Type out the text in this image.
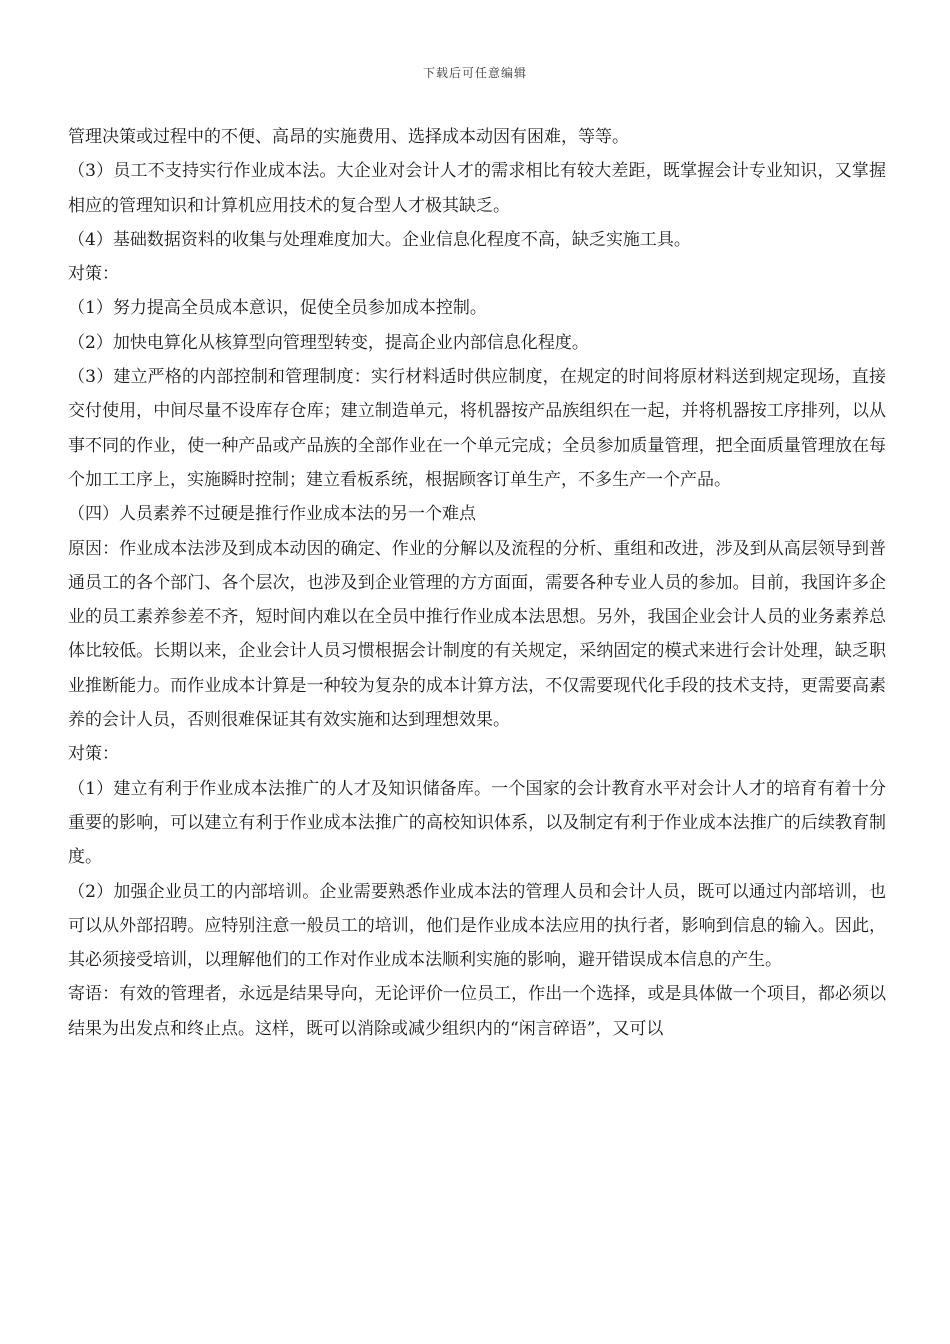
下载后可任意编辑

管理决策或过程中的不便、高昂的实施费用、选择成本动因有困难，等等。

（3）员工不支持实行作业成本法。大企业对会计人才的需求相比有较大差距，既掌握会计专业知识，又掌握相应的管理知识和计算机应用技术的复合型人才极其缺乏。

（4）基础数据资料的收集与处理难度加大。企业信息化程度不高，缺乏实施工具。

对策：

（1）努力提高全员成本意识，促使全员参加成本控制。

（2）加快电算化从核算型向管理型转变，提高企业内部信息化程度。

（3）建立严格的内部控制和管理制度：实行材料适时供应制度，在规定的时间将原材料送到规定现场，直接交付使用，中间尽量不设库存仓库；建立制造单元，将机器按产品族组织在一起，并将机器按工序排列，以从事不同的作业，使一种产品或产品族的全部作业在一个单元完成；全员参加质量管理，把全面质量管理放在每个加工工序上，实施瞬时控制；建立看板系统，根据顾客订单生产，不多生产一个产品。

（四）人员素养不过硬是推行作业成本法的另一个难点

原因：作业成本法涉及到成本动因的确定、作业的分解以及流程的分析、重组和改进，涉及到从高层领导到普通员工的各个部门、各个层次，也涉及到企业管理的方方面面，需要各种专业人员的参加。目前，我国许多企业的员工素养参差不齐，短时间内难以在全员中推行作业成本法思想。另外，我国企业会计人员的业务素养总体比较低。长期以来，企业会计人员习惯根据会计制度的有关规定，采纳固定的模式来进行会计处理，缺乏职业推断能力。而作业成本计算是一种较为复杂的成本计算方法，不仅需要现代化手段的技术支持，更需要高素养的会计人员，否则很难保证其有效实施和达到理想效果。

对策：

（1）建立有利于作业成本法推广的人才及知识储备库。一个国家的会计教育水平对会计人才的培育有着十分重要的影响，可以建立有利于作业成本法推广的高校知识体系，以及制定有利于作业成本法推广的后续教育制度。

（2）加强企业员工的内部培训。企业需要熟悉作业成本法的管理人员和会计人员，既可以通过内部培训，也可以从外部招聘。应特别注意一般员工的培训，他们是作业成本法应用的执行者，影响到信息的输入。因此，其必须接受培训，以理解他们的工作对作业成本法顺利实施的影响，避开错误成本信息的产生。

寄语：有效的管理者，永远是结果导向，无论评价一位员工，作出一个选择，或是具体做一个项目，都必须以结果为出发点和终止点。这样，既可以消除或减少组织内的“闲言碎语”，又可以
